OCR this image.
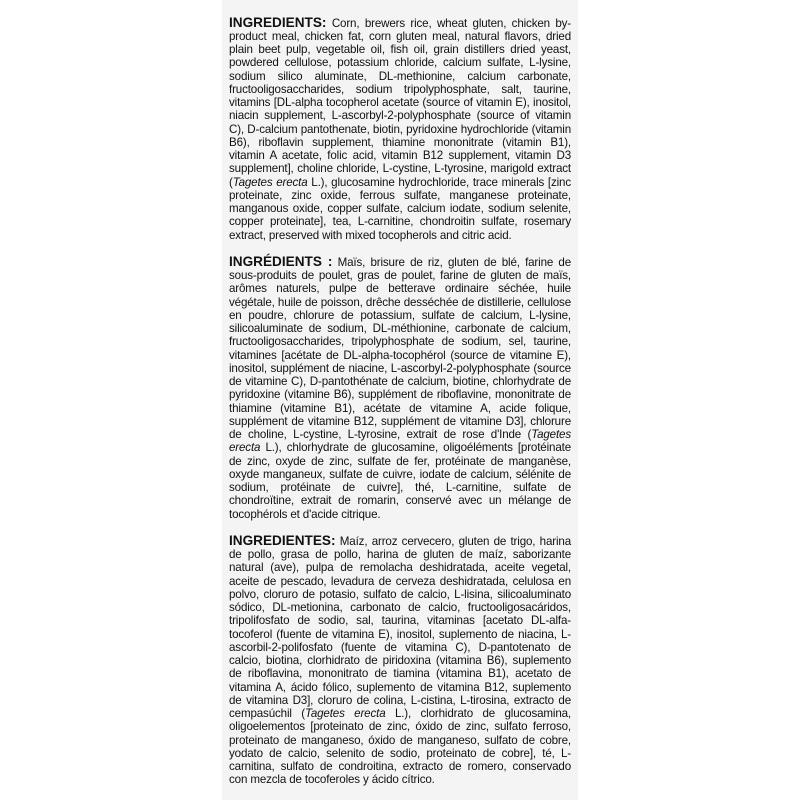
INGREDIENTS: Corn, brewers rice, wheat gluten, chicken by-product meal, chicken fat, corn gluten meal, natural flavors, dried plain beet pulp, vegetable oil, fish oil, grain distillers dried yeast, powdered cellulose, potassium chloride, calcium sulfate, L-lysine, sodium silico aluminate, DL-methionine, calcium carbonate, fructooligosaccharides, sodium tripolyphosphate, salt, taurine, vitamins [DL-alpha tocopherol acetate (source of vitamin E), inositol, niacin supplement, L-ascorbyl-2-polyphosphate (source of vitamin C), D-calcium pantothenate, biotin, pyridoxine hydrochloride (vitamin B6), riboflavin supplement, thiamine mononitrate (vitamin B1), vitamin A acetate, folic acid, vitamin B12 supplement, vitamin D3 supplement], choline chloride, L-cystine, L-tyrosine, marigold extract (Tagetes erecta L.), glucosamine hydrochloride, trace minerals [zinc proteinate, zinc oxide, ferrous sulfate, manganese proteinate, manganous oxide, copper sulfate, calcium iodate, sodium selenite, copper proteinate], tea, L-carnitine, chondroitin sulfate, rosemary extract, preserved with mixed tocopherols and citric acid.

INGRÉDIENTS : Maïs, brisure de riz, gluten de blé, farine de sous-produits de poulet, gras de poulet, farine de gluten de maïs, arômes naturels, pulpe de betterave ordinaire séchée, huile végétale, huile de poisson, drêche desséchée de distillerie, cellulose en poudre, chlorure de potassium, sulfate de calcium, L-lysine, silicoaluminate de sodium, DL-méthionine, carbonate de calcium, fructooligosaccharides, tripolyphosphate de sodium, sel, taurine, vitamines [acétate de DL-alpha-tocophérol (source de vitamine E), inositol, supplément de niacine, L-ascorbyl-2-polyphosphate (source de vitamine C), D-pantothénate de calcium, biotine, chlorhydrate de pyridoxine (vitamine B6), supplément de riboflavine, mononitrate de thiamine (vitamine B1), acétate de vitamine A, acide folique, supplément de vitamine B12, supplément de vitamine D3], chlorure de choline, L-cystine, L-tyrosine, extrait de rose d'Inde (Tagetes erecta L.), chlorhydrate de glucosamine, oligoéléments [protéinate de zinc, oxyde de zinc, sulfate de fer, protéinate de manganèse, oxyde manganeux, sulfate de cuivre, iodate de calcium, sélénite de sodium, protéinate de cuivre], thé, L-carnitine, sulfate de chondroïtine, extrait de romarin, conservé avec un mélange de tocophérols et d'acide citrique.

INGREDIENTES: Maíz, arroz cervecero, gluten de trigo, harina de pollo, grasa de pollo, harina de gluten de maíz, saborizante natural (ave), pulpa de remolacha deshidratada, aceite vegetal, aceite de pescado, levadura de cerveza deshidratada, celulosa en polvo, cloruro de potasio, sulfato de calcio, L-lisina, silicoaluminato sódico, DL-metionina, carbonato de calcio, fructooligosacáridos, tripolifosfato de sodio, sal, taurina, vitaminas [acetato DL-alfa-tocoferol (fuente de vitamina E), inositol, suplemento de niacina, L-ascorbil-2-polifosfato (fuente de vitamina C), D-pantotenato de calcio, biotina, clorhidrato de piridoxina (vitamina B6), suplemento de riboflavina, mononitrato de tiamina (vitamina B1), acetato de vitamina A, ácido fólico, suplemento de vitamina B12, suplemento de vitamina D3], cloruro de colina, L-cistina, L-tirosina, extracto de cempasúchil (Tagetes erecta L.), clorhidrato de glucosamina, oligoelementos [proteinato de zinc, óxido de zinc, sulfato ferroso, proteinato de manganeso, óxido de manganeso, sulfato de cobre, yodato de calcio, selenito de sodio, proteinato de cobre], té, L-carnitina, sulfato de condroitina, extracto de romero, conservado con mezcla de tocoferoles y ácido cítrico.
